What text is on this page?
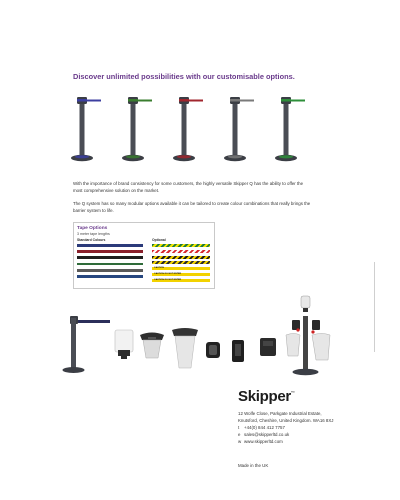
Discover unlimited possibilities with our customisable options.
With the importance of brand consistency for some customers, the highly versatile Skipper Q has the ability to offer the most comprehensive solution on the market.
The Q system has so many modular options available it can be tailored to create colour combinations that really brings the barrier system to life.
Tape Options
3 meter tape lengths
Standard Colours	Optional
CAUTION
CAUTION DO NOT ENTER
CAUTION DO NOT ENTER
Skipper™
12 Wolfe Close, Parkgate Industrial Estate,
Knutsford, Cheshire, United Kingdom. WA16 8XJ
t +44(0) 844 412 7757
e sales@skipperltd.co.uk
w www.skipperltd.com
Made in the UK
